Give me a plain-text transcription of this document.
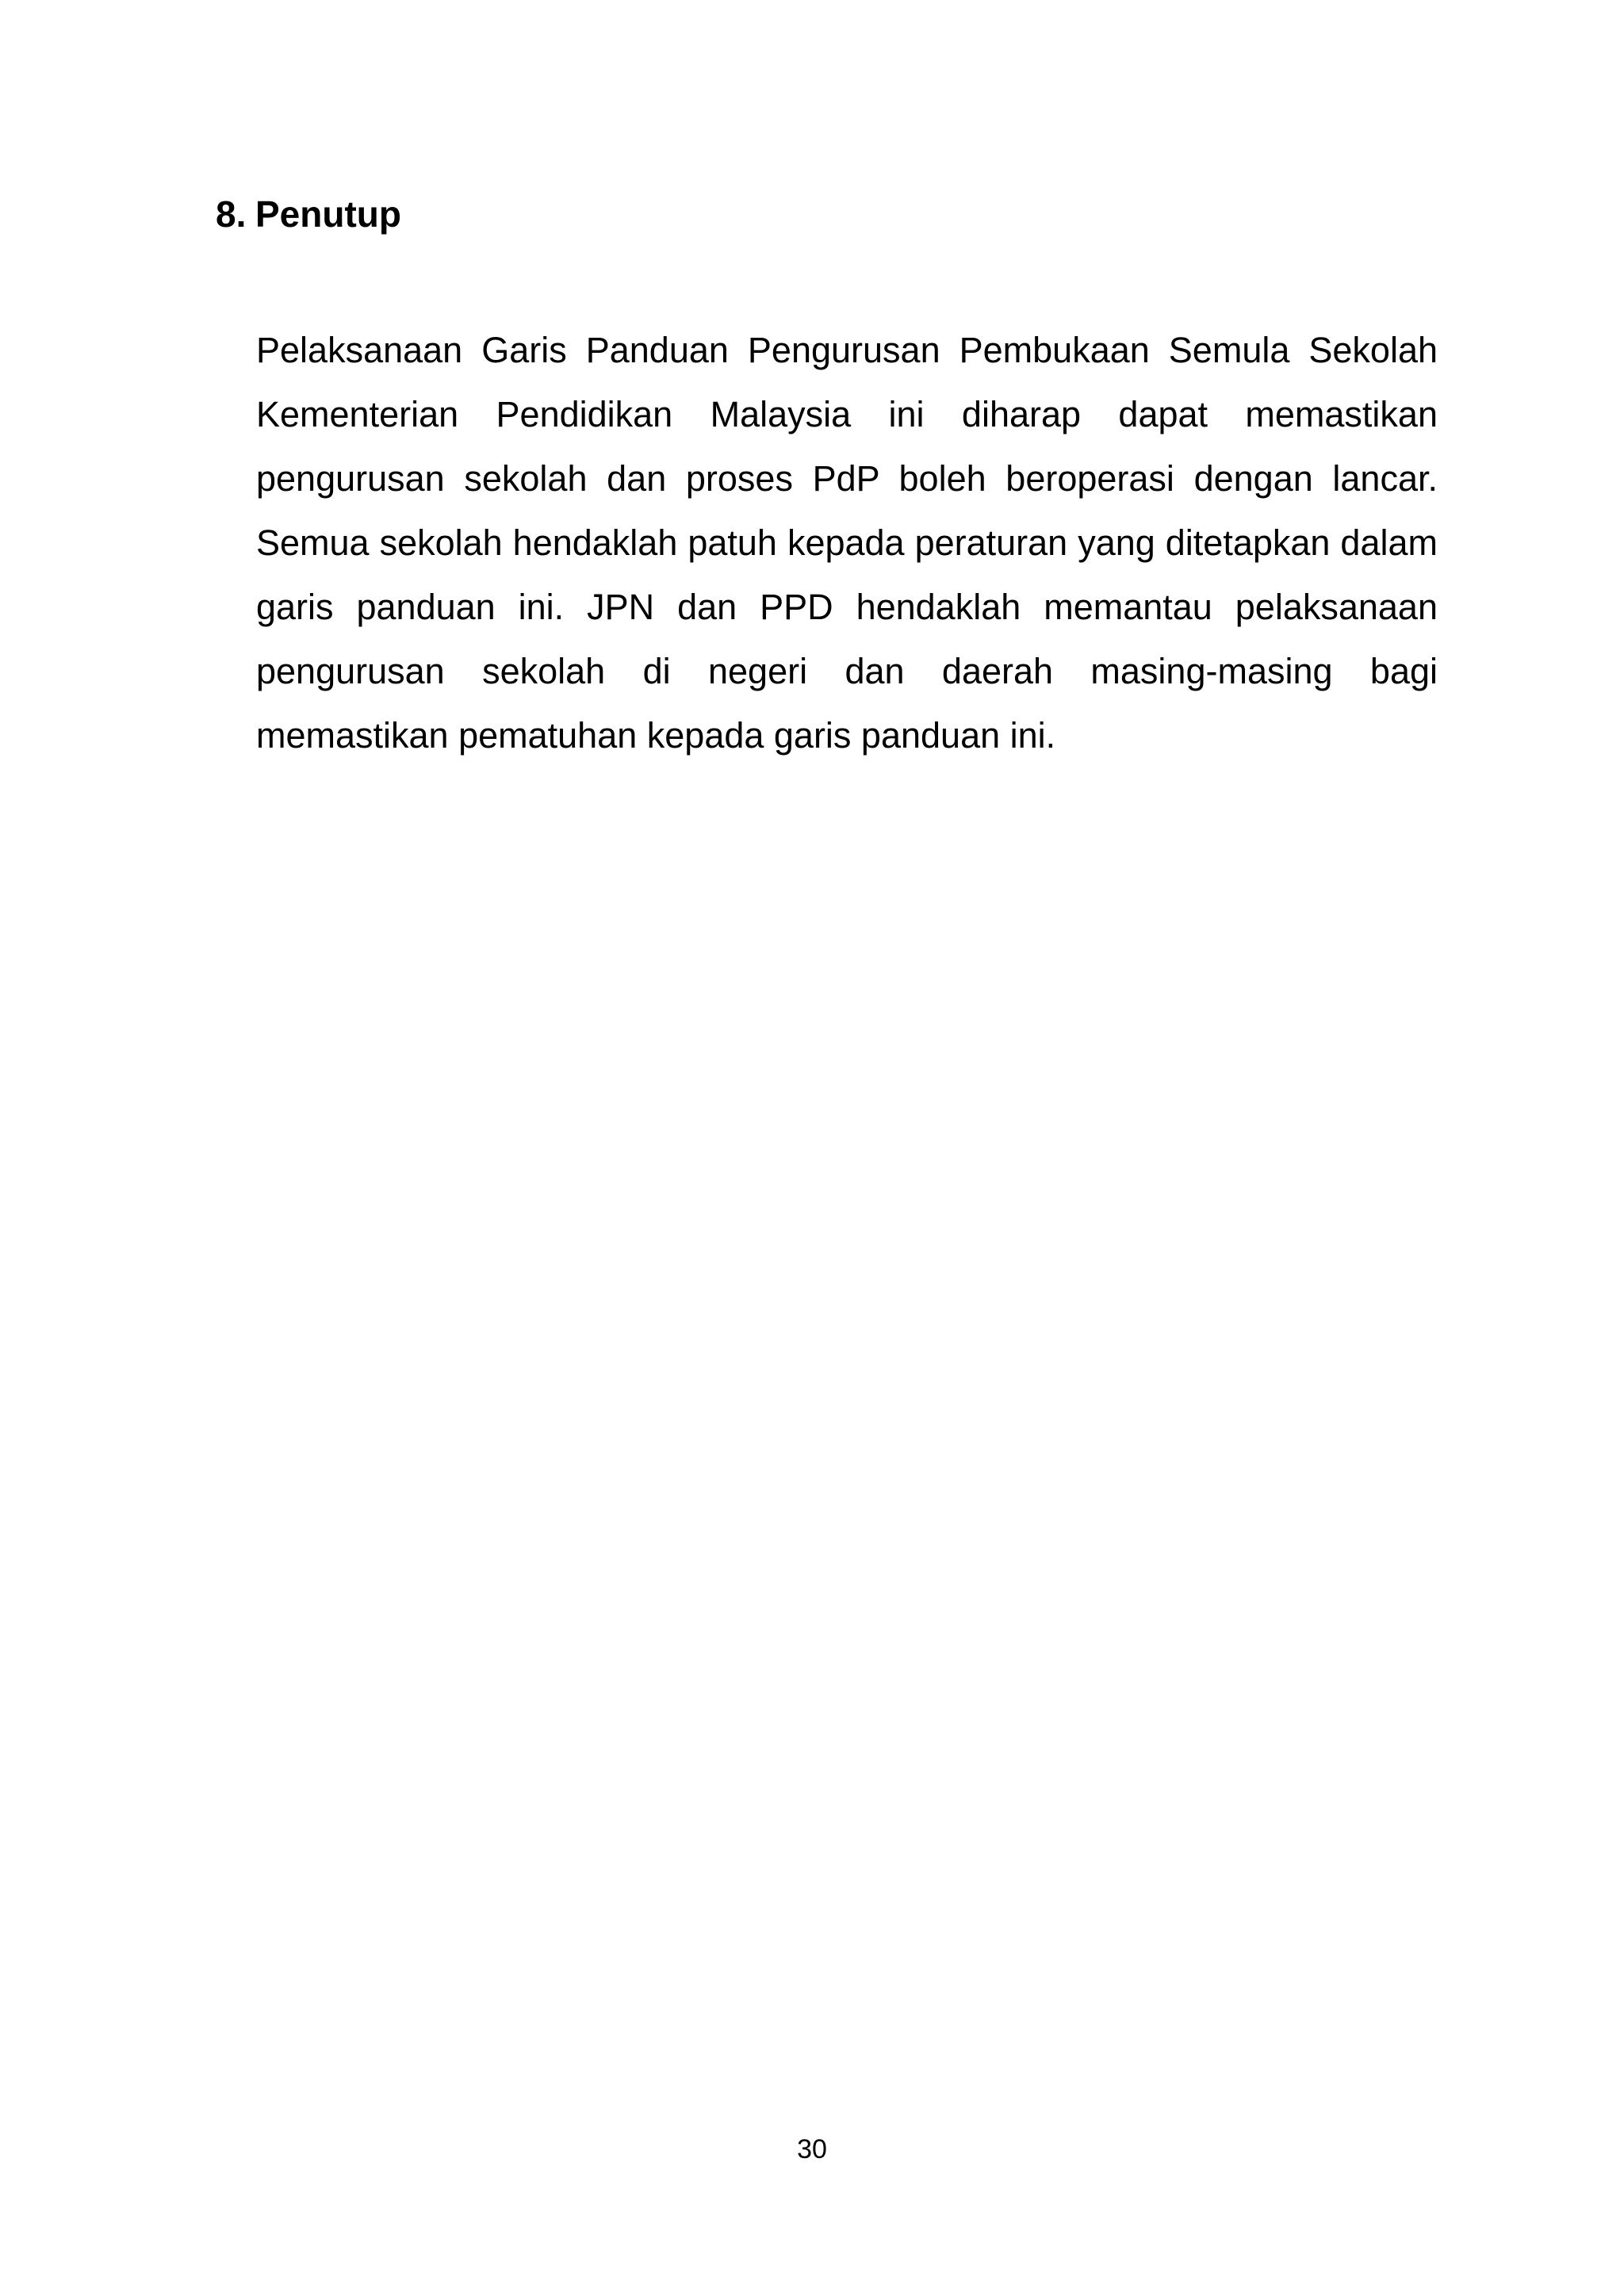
8. Penutup

Pelaksanaan Garis Panduan Pengurusan Pembukaan Semula Sekolah Kementerian Pendidikan Malaysia ini diharap dapat memastikan pengurusan sekolah dan proses PdP boleh beroperasi dengan lancar. Semua sekolah hendaklah patuh kepada peraturan yang ditetapkan dalam garis panduan ini. JPN dan PPD hendaklah memantau pelaksanaan pengurusan sekolah di negeri dan daerah masing-masing bagi memastikan pematuhan kepada garis panduan ini.

30
